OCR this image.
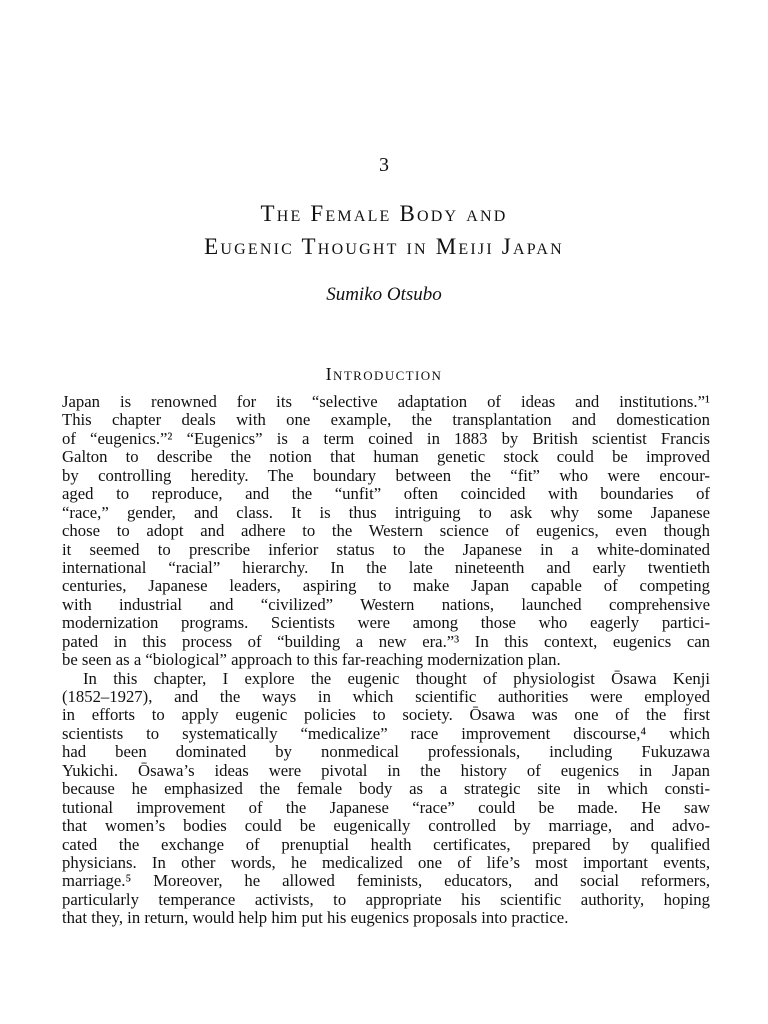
3
The Female Body and
Eugenic Thought in Meiji Japan
Sumiko Otsubo
Introduction
Japan is renowned for its “selective adaptation of ideas and institutions.”¹
This chapter deals with one example, the transplantation and domestication
of “eugenics.”² “Eugenics” is a term coined in 1883 by British scientist Francis
Galton to describe the notion that human genetic stock could be improved
by controlling heredity. The boundary between the “fit” who were encour-
aged to reproduce, and the “unfit” often coincided with boundaries of
“race,” gender, and class. It is thus intriguing to ask why some Japanese
chose to adopt and adhere to the Western science of eugenics, even though
it seemed to prescribe inferior status to the Japanese in a white-dominated
international “racial” hierarchy. In the late nineteenth and early twentieth
centuries, Japanese leaders, aspiring to make Japan capable of competing
with industrial and “civilized” Western nations, launched comprehensive
modernization programs. Scientists were among those who eagerly partici-
pated in this process of “building a new era.”³ In this context, eugenics can
be seen as a “biological” approach to this far-reaching modernization plan.
In this chapter, I explore the eugenic thought of physiologist Ōsawa Kenji
(1852–1927), and the ways in which scientific authorities were employed
in efforts to apply eugenic policies to society. Ōsawa was one of the first
scientists to systematically “medicalize” race improvement discourse,⁴ which
had been dominated by nonmedical professionals, including Fukuzawa
Yukichi. Ōsawa’s ideas were pivotal in the history of eugenics in Japan
because he emphasized the female body as a strategic site in which consti-
tutional improvement of the Japanese “race” could be made. He saw
that women’s bodies could be eugenically controlled by marriage, and advo-
cated the exchange of prenuptial health certificates, prepared by qualified
physicians. In other words, he medicalized one of life’s most important events,
marriage.⁵ Moreover, he allowed feminists, educators, and social reformers,
particularly temperance activists, to appropriate his scientific authority, hoping
that they, in return, would help him put his eugenics proposals into practice.
